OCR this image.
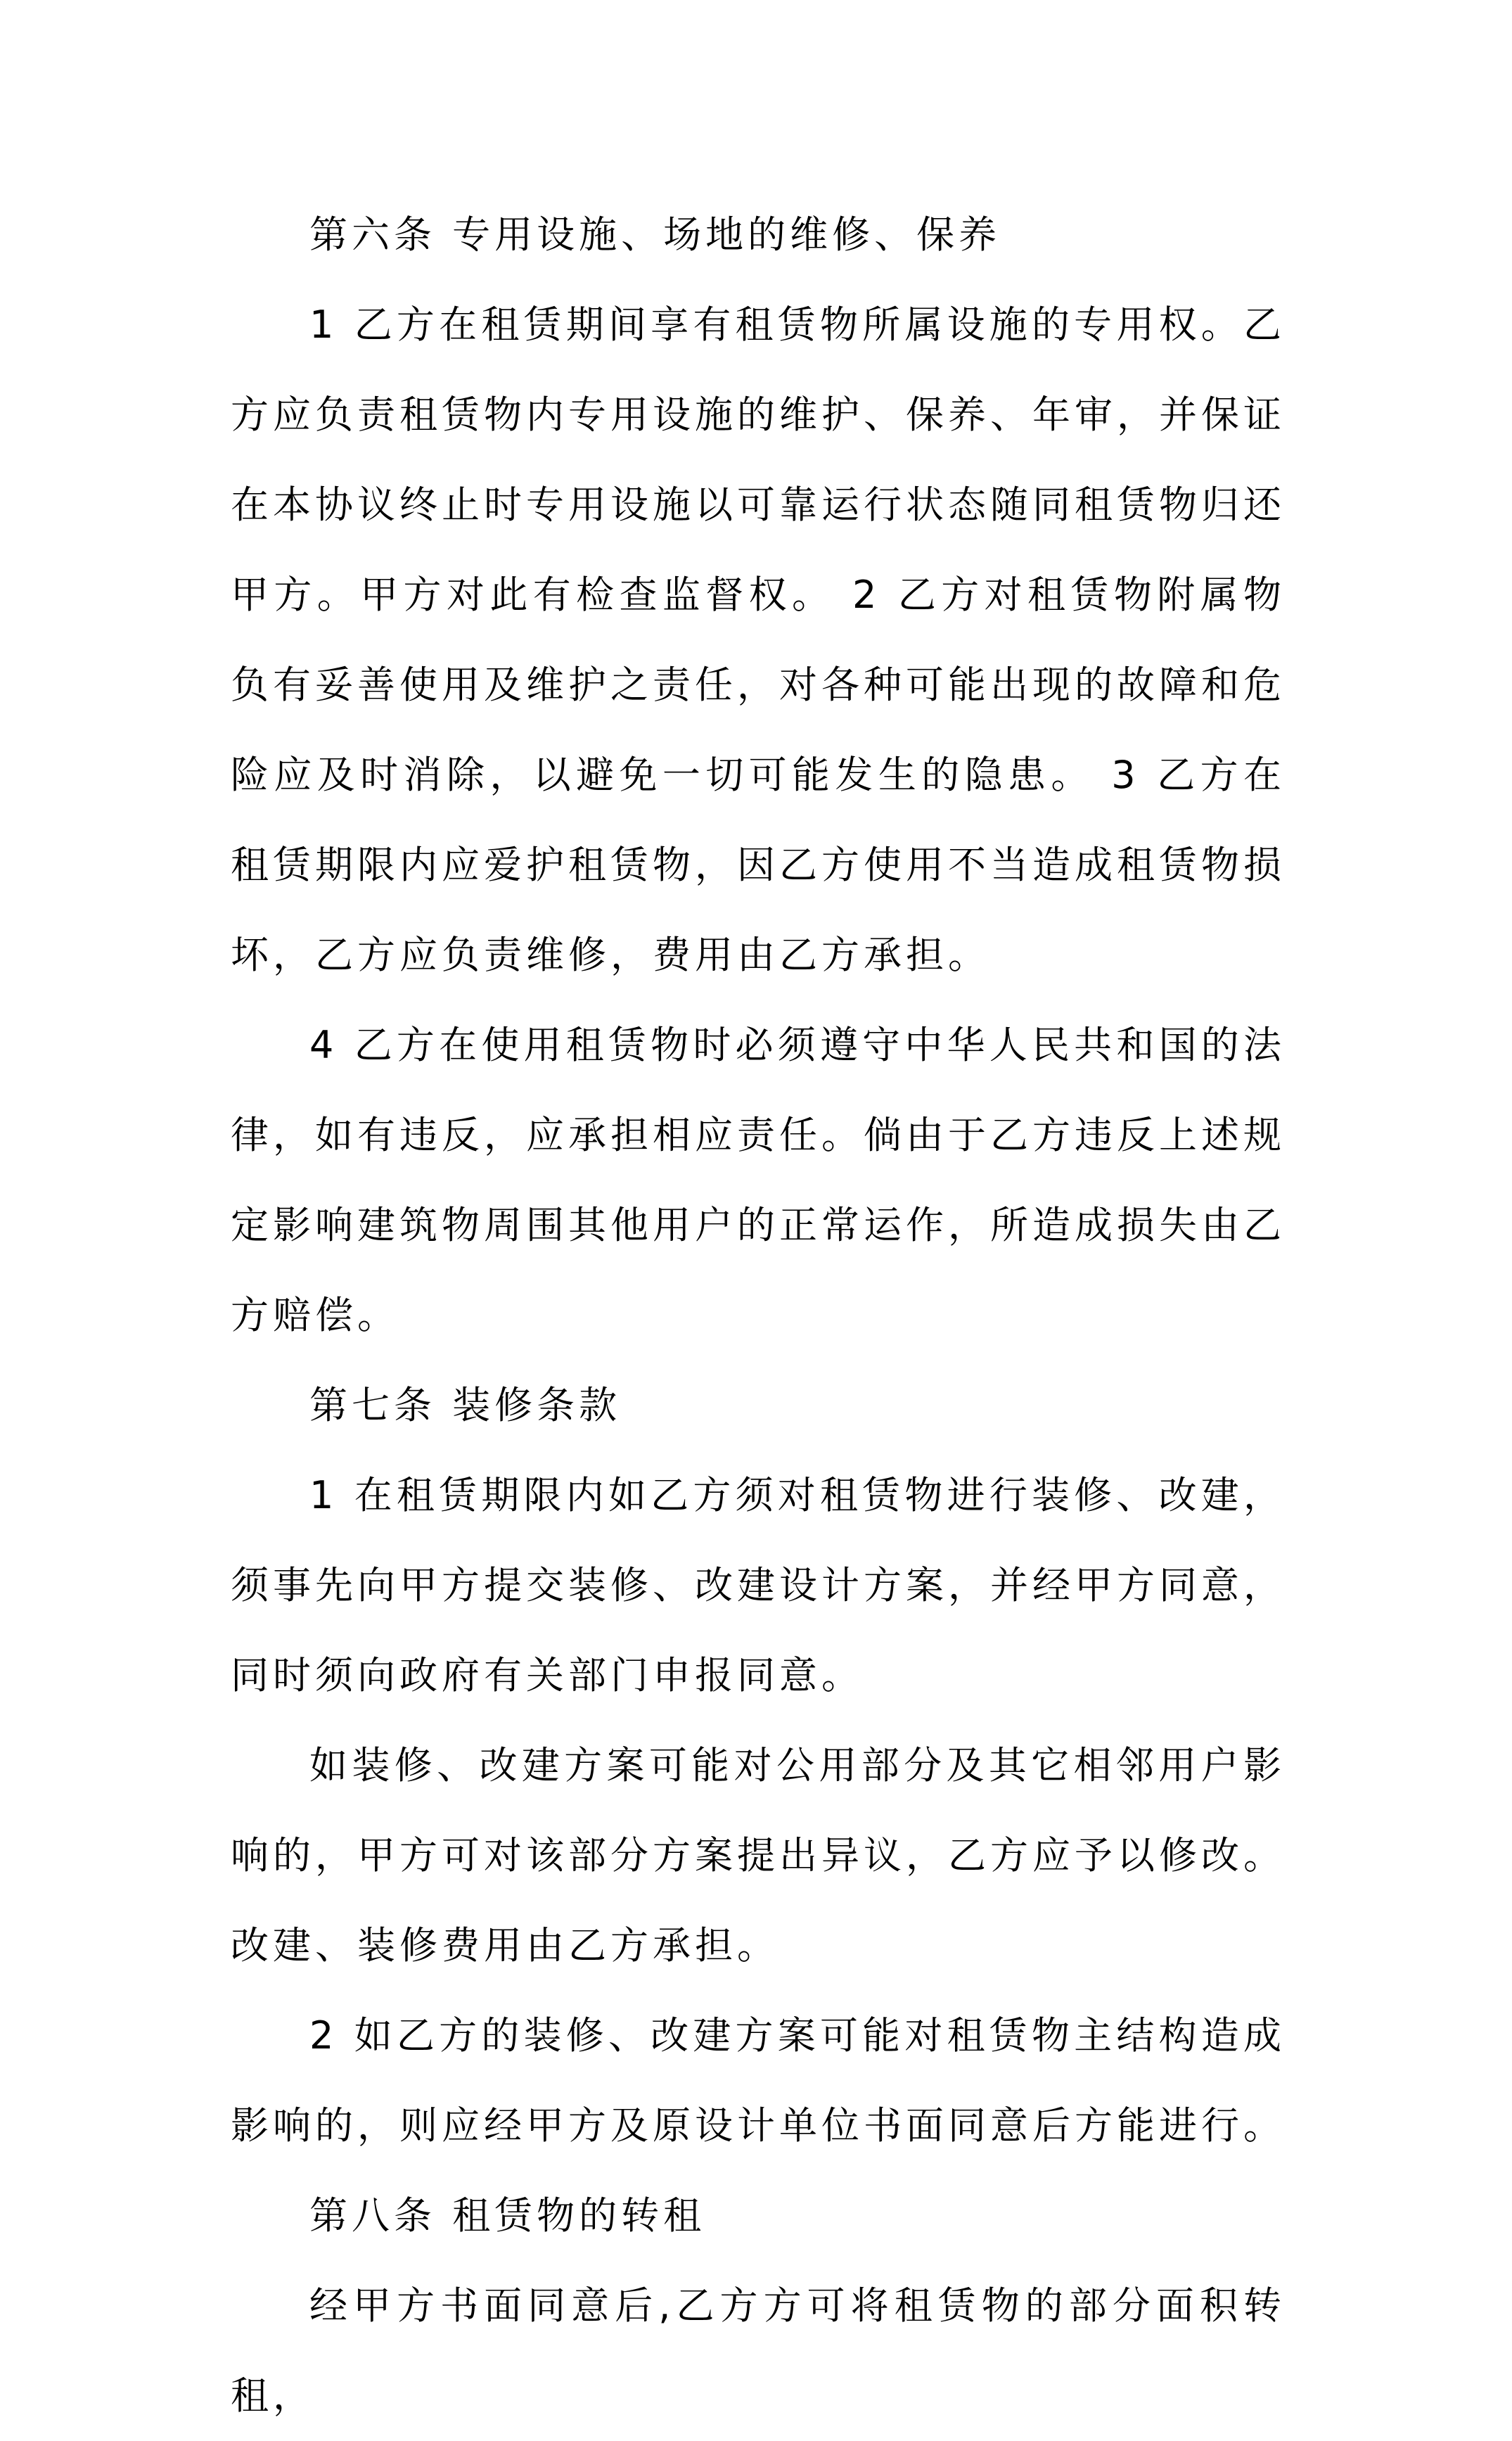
第六条 专用设施、场地的维修、保养

1 乙方在租赁期间享有租赁物所属设施的专用权。乙方应负责租赁物内专用设施的维护、保养、年审，并保证在本协议终止时专用设施以可靠运行状态随同租赁物归还甲方。甲方对此有检查监督权。 2 乙方对租赁物附属物负有妥善使用及维护之责任，对各种可能出现的故障和危险应及时消除，以避免一切可能发生的隐患。 3 乙方在租赁期限内应爱护租赁物，因乙方使用不当造成租赁物损坏，乙方应负责维修，费用由乙方承担。

4 乙方在使用租赁物时必须遵守中华人民共和国的法律，如有违反，应承担相应责任。倘由于乙方违反上述规定影响建筑物周围其他用户的正常运作，所造成损失由乙方赔偿。

第七条 装修条款

1 在租赁期限内如乙方须对租赁物进行装修、改建，须事先向甲方提交装修、改建设计方案，并经甲方同意，同时须向政府有关部门申报同意。

如装修、改建方案可能对公用部分及其它相邻用户影响的，甲方可对该部分方案提出异议，乙方应予以修改。改建、装修费用由乙方承担。

2 如乙方的装修、改建方案可能对租赁物主结构造成影响的，则应经甲方及原设计单位书面同意后方能进行。

第八条 租赁物的转租

经甲方书面同意后,乙方方可将租赁物的部分面积转租，
